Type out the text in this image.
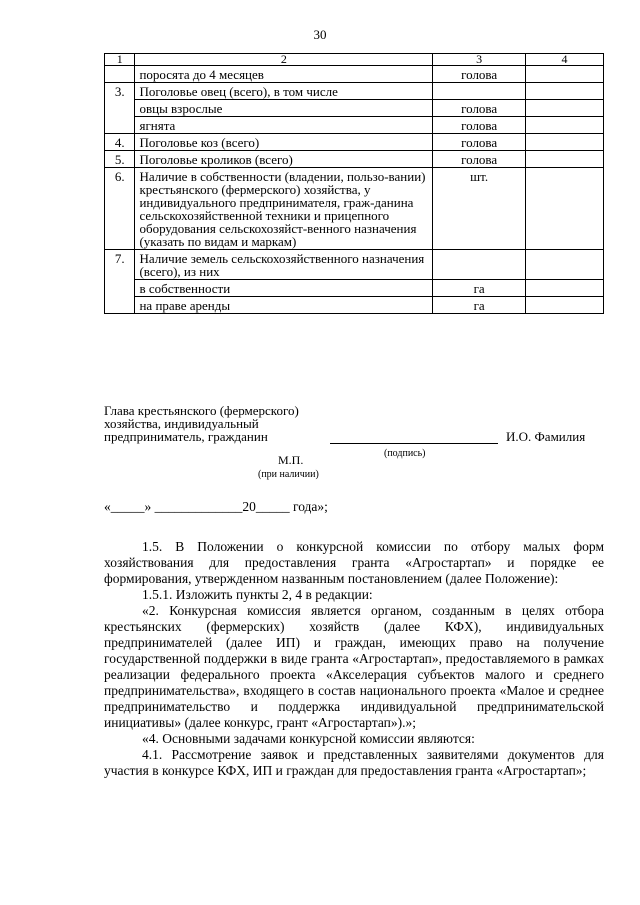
30
1	2	3	4
	поросята до 4 месяцев	голова	
3.	Поголовье овец (всего), в том числе		
	овцы взрослые	голова	
	ягнята	голова	
4.	Поголовье коз (всего)	голова	
5.	Поголовье кроликов (всего)	голова	
6.	Наличие в собственности (владении, пользо-вании) крестьянского (фермерского) хозяйства, у индивидуального предпринимателя, граж-данина сельскохозяйственной техники и прицепного оборудования сельскохозяйст-венного назначения (указать по видам и маркам)	шт.	
7.	Наличие земель сельскохозяйственного назначения (всего), из них		
	в собственности	га	
	на праве аренды	га	
Глава крестьянского (фермерского)
хозяйства, индивидуальный
предприниматель, гражданин	И.О. Фамилия
(подпись)
М.П.
(при наличии)
«_____» _____________20_____ года»;

1.5. В Положении о конкурсной комиссии по отбору малых форм хозяйствования для предоставления гранта «Агростартап» и порядке ее формирования, утвержденном названным постановлением (далее Положение):

1.5.1. Изложить пункты 2, 4 в редакции:

«2. Конкурсная комиссия является органом, созданным в целях отбора крестьянских (фермерских) хозяйств (далее КФХ), индивидуальных предпринимателей (далее ИП) и граждан, имеющих право на получение государственной поддержки в виде гранта «Агростартап», предоставляемого в рамках реализации федерального проекта «Акселерация субъектов малого и среднего предпринимательства», входящего в состав национального проекта «Малое и среднее предпринимательство и поддержка индивидуальной предпринимательской инициативы» (далее конкурс, грант «Агростартап»).»;

«4. Основными задачами конкурсной комиссии являются:

4.1. Рассмотрение заявок и представленных заявителями документов для участия в конкурсе КФХ, ИП и граждан для предоставления гранта «Агростартап»;
